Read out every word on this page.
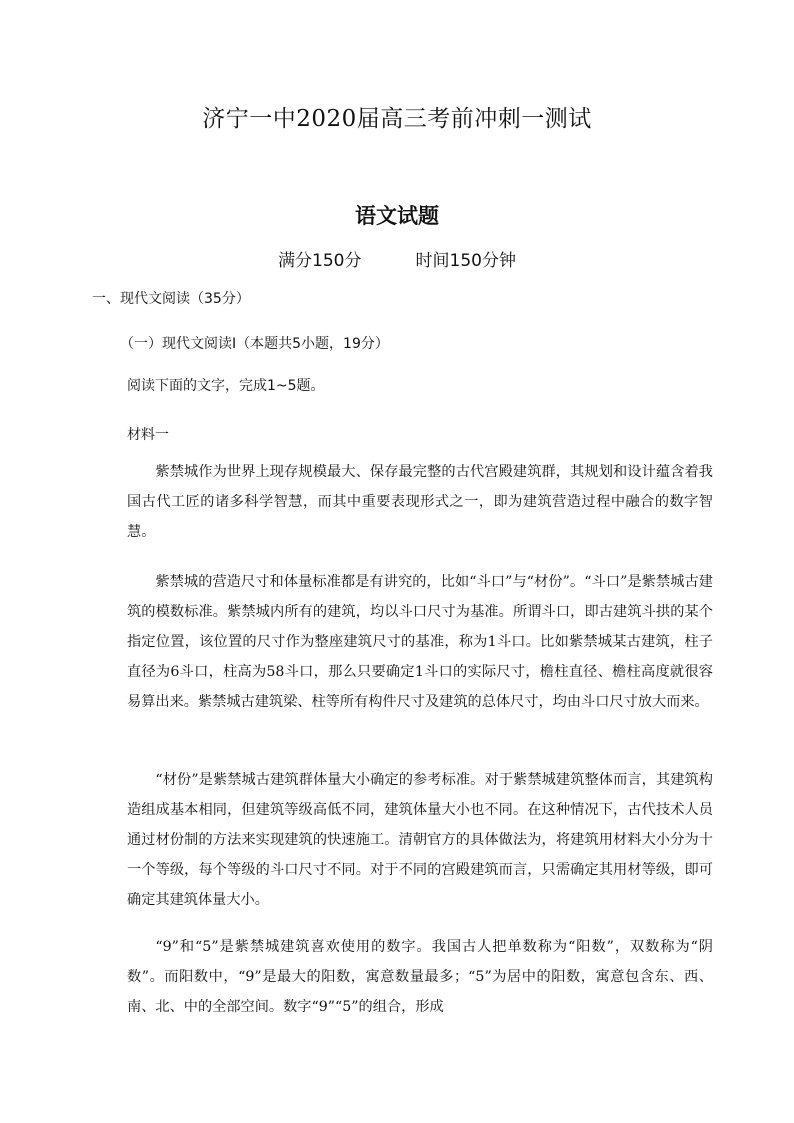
济宁一中2020届高三考前冲刺一测试
语文试题
满分150分	时间150分钟
一、现代文阅读（35分）
（一）现代文阅读Ⅰ（本题共5小题，19分）
阅读下面的文字，完成1~5题。
材料一

紫禁城作为世界上现存规模最大、保存最完整的古代宫殿建筑群，其规划和设计蕴含着我国古代工匠的诸多科学智慧，而其中重要表现形式之一，即为建筑营造过程中融合的数字智慧。

紫禁城的营造尺寸和体量标准都是有讲究的，比如“斗口”与“材份”。“斗口”是紫禁城古建筑的模数标准。紫禁城内所有的建筑，均以斗口尺寸为基准。所谓斗口，即古建筑斗拱的某个指定位置，该位置的尺寸作为整座建筑尺寸的基准，称为1斗口。比如紫禁城某古建筑，柱子直径为6斗口，柱高为58斗口，那么只要确定1斗口的实际尺寸，檐柱直径、檐柱高度就很容易算出来。紫禁城古建筑梁、柱等所有构件尺寸及建筑的总体尺寸，均由斗口尺寸放大而来。

“材份”是紫禁城古建筑群体量大小确定的参考标准。对于紫禁城建筑整体而言，其建筑构造组成基本相同，但建筑等级高低不同，建筑体量大小也不同。在这种情况下，古代技术人员通过材份制的方法来实现建筑的快速施工。清朝官方的具体做法为，将建筑用材料大小分为十一个等级，每个等级的斗口尺寸不同。对于不同的宫殿建筑而言，只需确定其用材等级，即可确定其建筑体量大小。

“9”和“5”是紫禁城建筑喜欢使用的数字。我国古人把单数称为“阳数”，双数称为“阴数”。而阳数中，“9”是最大的阳数，寓意数量最多；“5”为居中的阳数，寓意包含东、西、南、北、中的全部空间。数字“9”“5”的组合，形成
